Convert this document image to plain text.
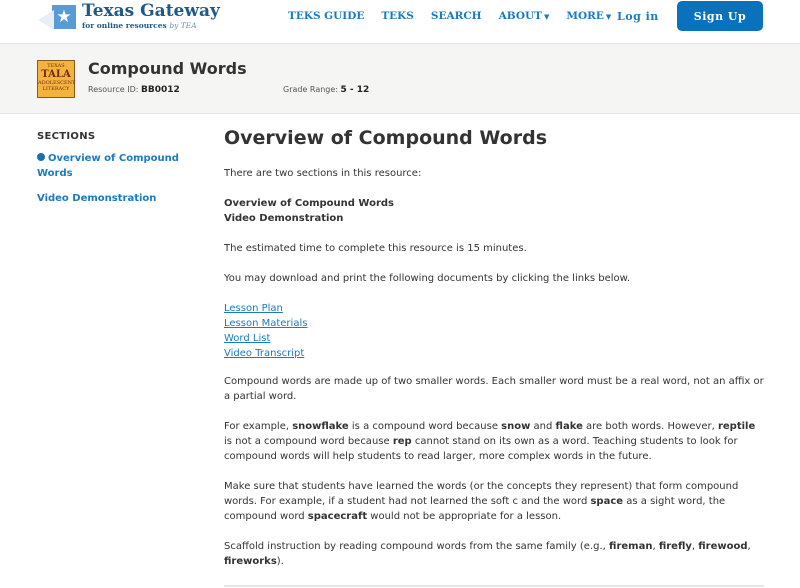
★ Texas Gateway
for online resources by TEA
TEKS GUIDE TEKS SEARCH ABOUT ▼ MORE ▼ Log in	Sign Up
TEXAS
TALA
ADOLESCENT
LITERACY
Compound Words
Resource ID: BB0012	Grade Range: 5 - 12
SECTIONS
Overview of Compound Words
Video Demonstration
Overview of Compound Words

There are two sections in this resource:

Overview of Compound Words
Video Demonstration

The estimated time to complete this resource is 15 minutes.

You may download and print the following documents by clicking the links below.

Lesson Plan
Lesson Materials
Word List
Video Transcript

Compound words are made up of two smaller words. Each smaller word must be a real word, not an affix or a partial word.

For example, snowflake is a compound word because snow and flake are both words. However, reptile is not a compound word because rep cannot stand on its own as a word. Teaching students to look for compound words will help students to read larger, more complex words in the future.

Make sure that students have learned the words (or the concepts they represent) that form compound words. For example, if a student had not learned the soft c and the word space as a sight word, the compound word spacecraft would not be appropriate for a lesson.

Scaffold instruction by reading compound words from the same family (e.g., fireman, firefly, firewood, fireworks).
